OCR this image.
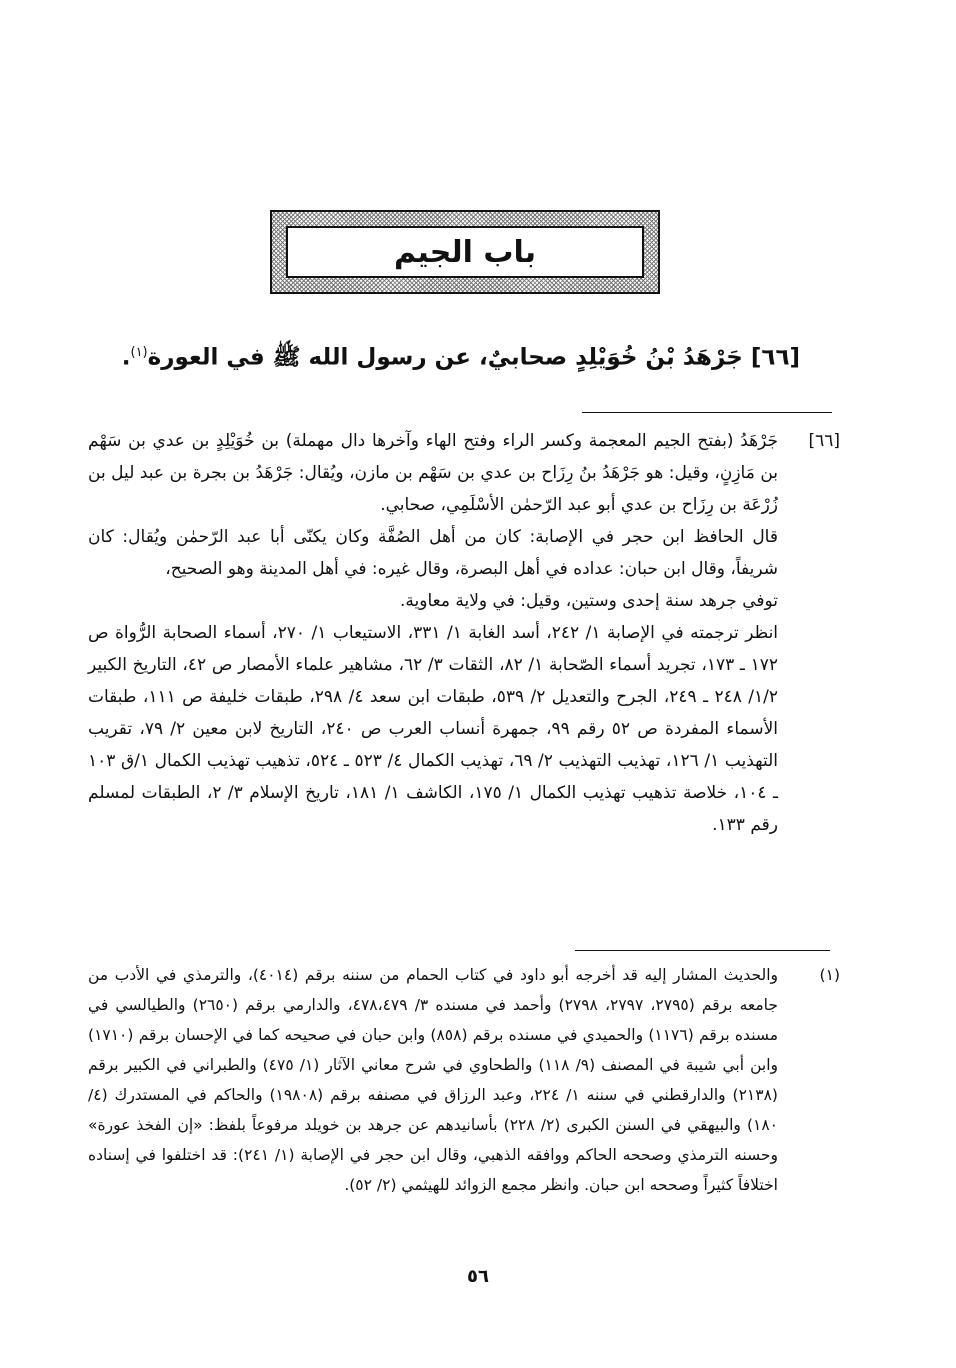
باب الجيم
[٦٦] جَرْهَدُ بْنُ خُوَيْلِدٍ صحابيٌ، عن رسول الله ﷺ في العورة$^{(١)}$.
[٦٦]
جَرْهَدُ (بفتح الجيم المعجمة وكسر الراء وفتح الهاء وآخرها دال مهملة) بن خُوَيْلِدٍ بن عدي بن سَهْم بن مَازِنٍ، وقيل: هو جَرْهَدُ بنُ رِزَاح بن عدي بن سَهْم بن مازن، ويُقال: جَرْهَدُ بن بجرة بن عبد ليل بن زُرْعَة بن رِزَاح بن عدي أبو عبد الرّحمٰن الأسْلَمِي، صحابي.
قال الحافظ ابن حجر في الإصابة: كان من أهل الصُفَّة وكان يكنّى أبا عبد الرّحمٰن ويُقال: كان شريفاً، وقال ابن حبان: عداده في أهل البصرة، وقال غيره: في أهل المدينة وهو الصحيح،
توفي جرهد سنة إحدى وستين، وقيل: في ولاية معاوية.
انظر ترجمته في الإصابة ١/ ٢٤٢، أسد الغابة ١/ ٣٣١، الاستيعاب ١/ ٢٧٠، أسماء الصحابة الرُّواة ص ١٧٢ ـ ١٧٣، تجريد أسماء الصّحابة ١/ ٨٢، الثقات ٣/ ٦٢، مشاهير علماء الأمصار ص ٤٢، التاريخ الكبير ١/٢/ ٢٤٨ ـ ٢٤٩، الجرح والتعديل ٢/ ٥٣٩، طبقات ابن سعد ٤/ ٢٩٨، طبقات خليفة ص ١١١، طبقات الأسماء المفردة ص ٥٢ رقم ٩٩، جمهرة أنساب العرب ص ٢٤٠، التاريخ لابن معين ٢/ ٧٩، تقريب التهذيب ١/ ١٢٦، تهذيب التهذيب ٢/ ٦٩، تهذيب الكمال ٤/ ٥٢٣ ـ ٥٢٤، تذهيب تهذيب الكمال ١/ق ١٠٣ ـ ١٠٤، خلاصة تذهيب تهذيب الكمال ١/ ١٧٥، الكاشف ١/ ١٨١، تاريخ الإسلام ٣/ ٢، الطبقات لمسلم رقم ١٣٣.
(١)
والحديث المشار إليه قد أخرجه أبو داود في كتاب الحمام من سننه برقم (٤٠١٤)، والترمذي في الأدب من جامعه برقم (٢٧٩٥، ٢٧٩٧، ٢٧٩٨) وأحمد في مسنده ٣/ ٤٧٨،٤٧٩، والدارمي برقم (٢٦٥٠) والطيالسي في مسنده برقم (١١٧٦) والحميدي في مسنده برقم (٨٥٨) وابن حبان في صحيحه كما في الإحسان برقم (١٧١٠) وابن أبي شيبة في المصنف (٩/ ١١٨) والطحاوي في شرح معاني الآثار (١/ ٤٧٥) والطبراني في الكبير برقم (٢١٣٨) والدارقطني في سننه ١/ ٢٢٤، وعبد الرزاق في مصنفه برقم (١٩٨٠٨) والحاكم في المستدرك (٤/ ١٨٠) والبيهقي في السنن الكبرى (٢/ ٢٢٨) بأسانيدهم عن جرهد بن خويلد مرفوعاً بلفظ: «إن الفخذ عورة» وحسنه الترمذي وصححه الحاكم ووافقه الذهبي، وقال ابن حجر في الإصابة (١/ ٢٤١): قد اختلفوا في إسناده اختلافاً كثيراً وصححه ابن حبان. وانظر مجمع الزوائد للهيثمي (٢/ ٥٢).
٥٦
